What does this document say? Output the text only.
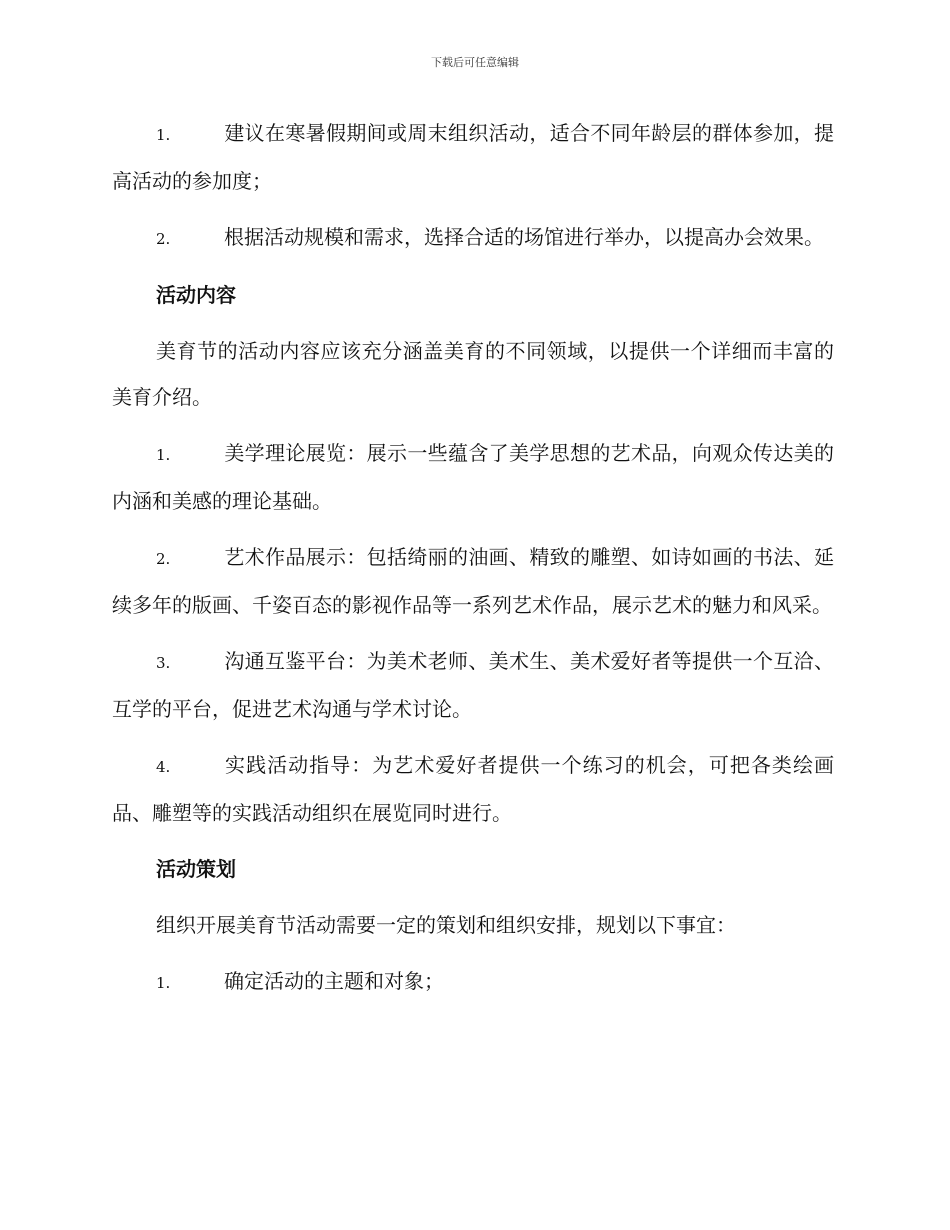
下载后可任意编辑

1.	建议在寒暑假期间或周末组织活动，适合不同年龄层的群体参加，提高活动的参加度；

2.	根据活动规模和需求，选择合适的场馆进行举办，以提高办会效果。

活动内容

美育节的活动内容应该充分涵盖美育的不同领域，以提供一个详细而丰富的美育介绍。

1.	美学理论展览：展示一些蕴含了美学思想的艺术品，向观众传达美的内涵和美感的理论基础。

2.	艺术作品展示：包括绮丽的油画、精致的雕塑、如诗如画的书法、延续多年的版画、千姿百态的影视作品等一系列艺术作品，展示艺术的魅力和风采。

3.	沟通互鉴平台：为美术老师、美术生、美术爱好者等提供一个互洽、互学的平台，促进艺术沟通与学术讨论。

4.	实践活动指导：为艺术爱好者提供一个练习的机会，可把各类绘画品、雕塑等的实践活动组织在展览同时进行。

活动策划

组织开展美育节活动需要一定的策划和组织安排，规划以下事宜：

1.	确定活动的主题和对象；
